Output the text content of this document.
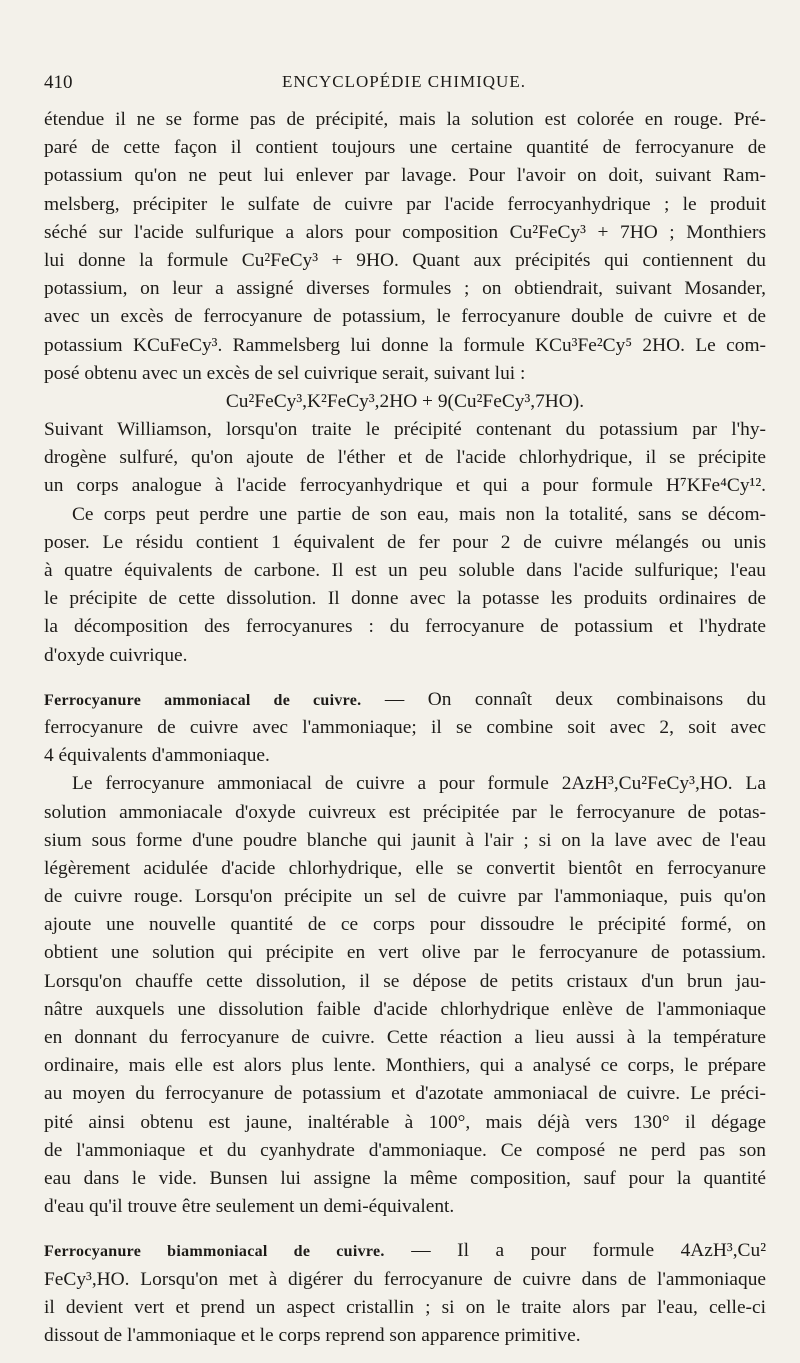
410	ENCYCLOPÉDIE CHIMIQUE.
étendue il ne se forme pas de précipité, mais la solution est colorée en rouge. Pré-
paré de cette façon il contient toujours une certaine quantité de ferrocyanure de
potassium qu'on ne peut lui enlever par lavage. Pour l'avoir on doit, suivant Ram-
melsberg, précipiter le sulfate de cuivre par l'acide ferrocyanhydrique ; le produit
séché sur l'acide sulfurique a alors pour composition Cu²FeCy³ + 7HO ; Monthiers
lui donne la formule Cu²FeCy³ + 9HO. Quant aux précipités qui contiennent du
potassium, on leur a assigné diverses formules ; on obtiendrait, suivant Mosander,
avec un excès de ferrocyanure de potassium, le ferrocyanure double de cuivre et de
potassium KCuFeCy³. Rammelsberg lui donne la formule KCu³Fe²Cy⁵ 2HO. Le com-
posé obtenu avec un excès de sel cuivrique serait, suivant lui :
Cu²FeCy³,K²FeCy³,2HO + 9(Cu²FeCy³,7HO).
Suivant Williamson, lorsqu'on traite le précipité contenant du potassium par l'hy-
drogène sulfuré, qu'on ajoute de l'éther et de l'acide chlorhydrique, il se précipite
un corps analogue à l'acide ferrocyanhydrique et qui a pour formule H⁷KFe⁴Cy¹².
Ce corps peut perdre une partie de son eau, mais non la totalité, sans se décom-
poser. Le résidu contient 1 équivalent de fer pour 2 de cuivre mélangés ou unis
à quatre équivalents de carbone. Il est un peu soluble dans l'acide sulfurique; l'eau
le précipite de cette dissolution. Il donne avec la potasse les produits ordinaires de
la décomposition des ferrocyanures : du ferrocyanure de potassium et l'hydrate
d'oxyde cuivrique.
Ferrocyanure ammoniacal de cuivre. — On connaît deux combinaisons du
ferrocyanure de cuivre avec l'ammoniaque; il se combine soit avec 2, soit avec
4 équivalents d'ammoniaque.
Le ferrocyanure ammoniacal de cuivre a pour formule 2AzH³,Cu²FeCy³,HO. La
solution ammoniacale d'oxyde cuivreux est précipitée par le ferrocyanure de potas-
sium sous forme d'une poudre blanche qui jaunit à l'air ; si on la lave avec de l'eau
légèrement acidulée d'acide chlorhydrique, elle se convertit bientôt en ferrocyanure
de cuivre rouge. Lorsqu'on précipite un sel de cuivre par l'ammoniaque, puis qu'on
ajoute une nouvelle quantité de ce corps pour dissoudre le précipité formé, on
obtient une solution qui précipite en vert olive par le ferrocyanure de potassium.
Lorsqu'on chauffe cette dissolution, il se dépose de petits cristaux d'un brun jau-
nâtre auxquels une dissolution faible d'acide chlorhydrique enlève de l'ammoniaque
en donnant du ferrocyanure de cuivre. Cette réaction a lieu aussi à la température
ordinaire, mais elle est alors plus lente. Monthiers, qui a analysé ce corps, le prépare
au moyen du ferrocyanure de potassium et d'azotate ammoniacal de cuivre. Le préci-
pité ainsi obtenu est jaune, inaltérable à 100°, mais déjà vers 130° il dégage
de l'ammoniaque et du cyanhydrate d'ammoniaque. Ce composé ne perd pas son
eau dans le vide. Bunsen lui assigne la même composition, sauf pour la quantité
d'eau qu'il trouve être seulement un demi-équivalent.
Ferrocyanure biammoniacal de cuivre. — Il a pour formule 4AzH³,Cu²
FeCy³,HO. Lorsqu'on met à digérer du ferrocyanure de cuivre dans de l'ammoniaque
il devient vert et prend un aspect cristallin ; si on le traite alors par l'eau, celle-ci
dissout de l'ammoniaque et le corps reprend son apparence primitive.
